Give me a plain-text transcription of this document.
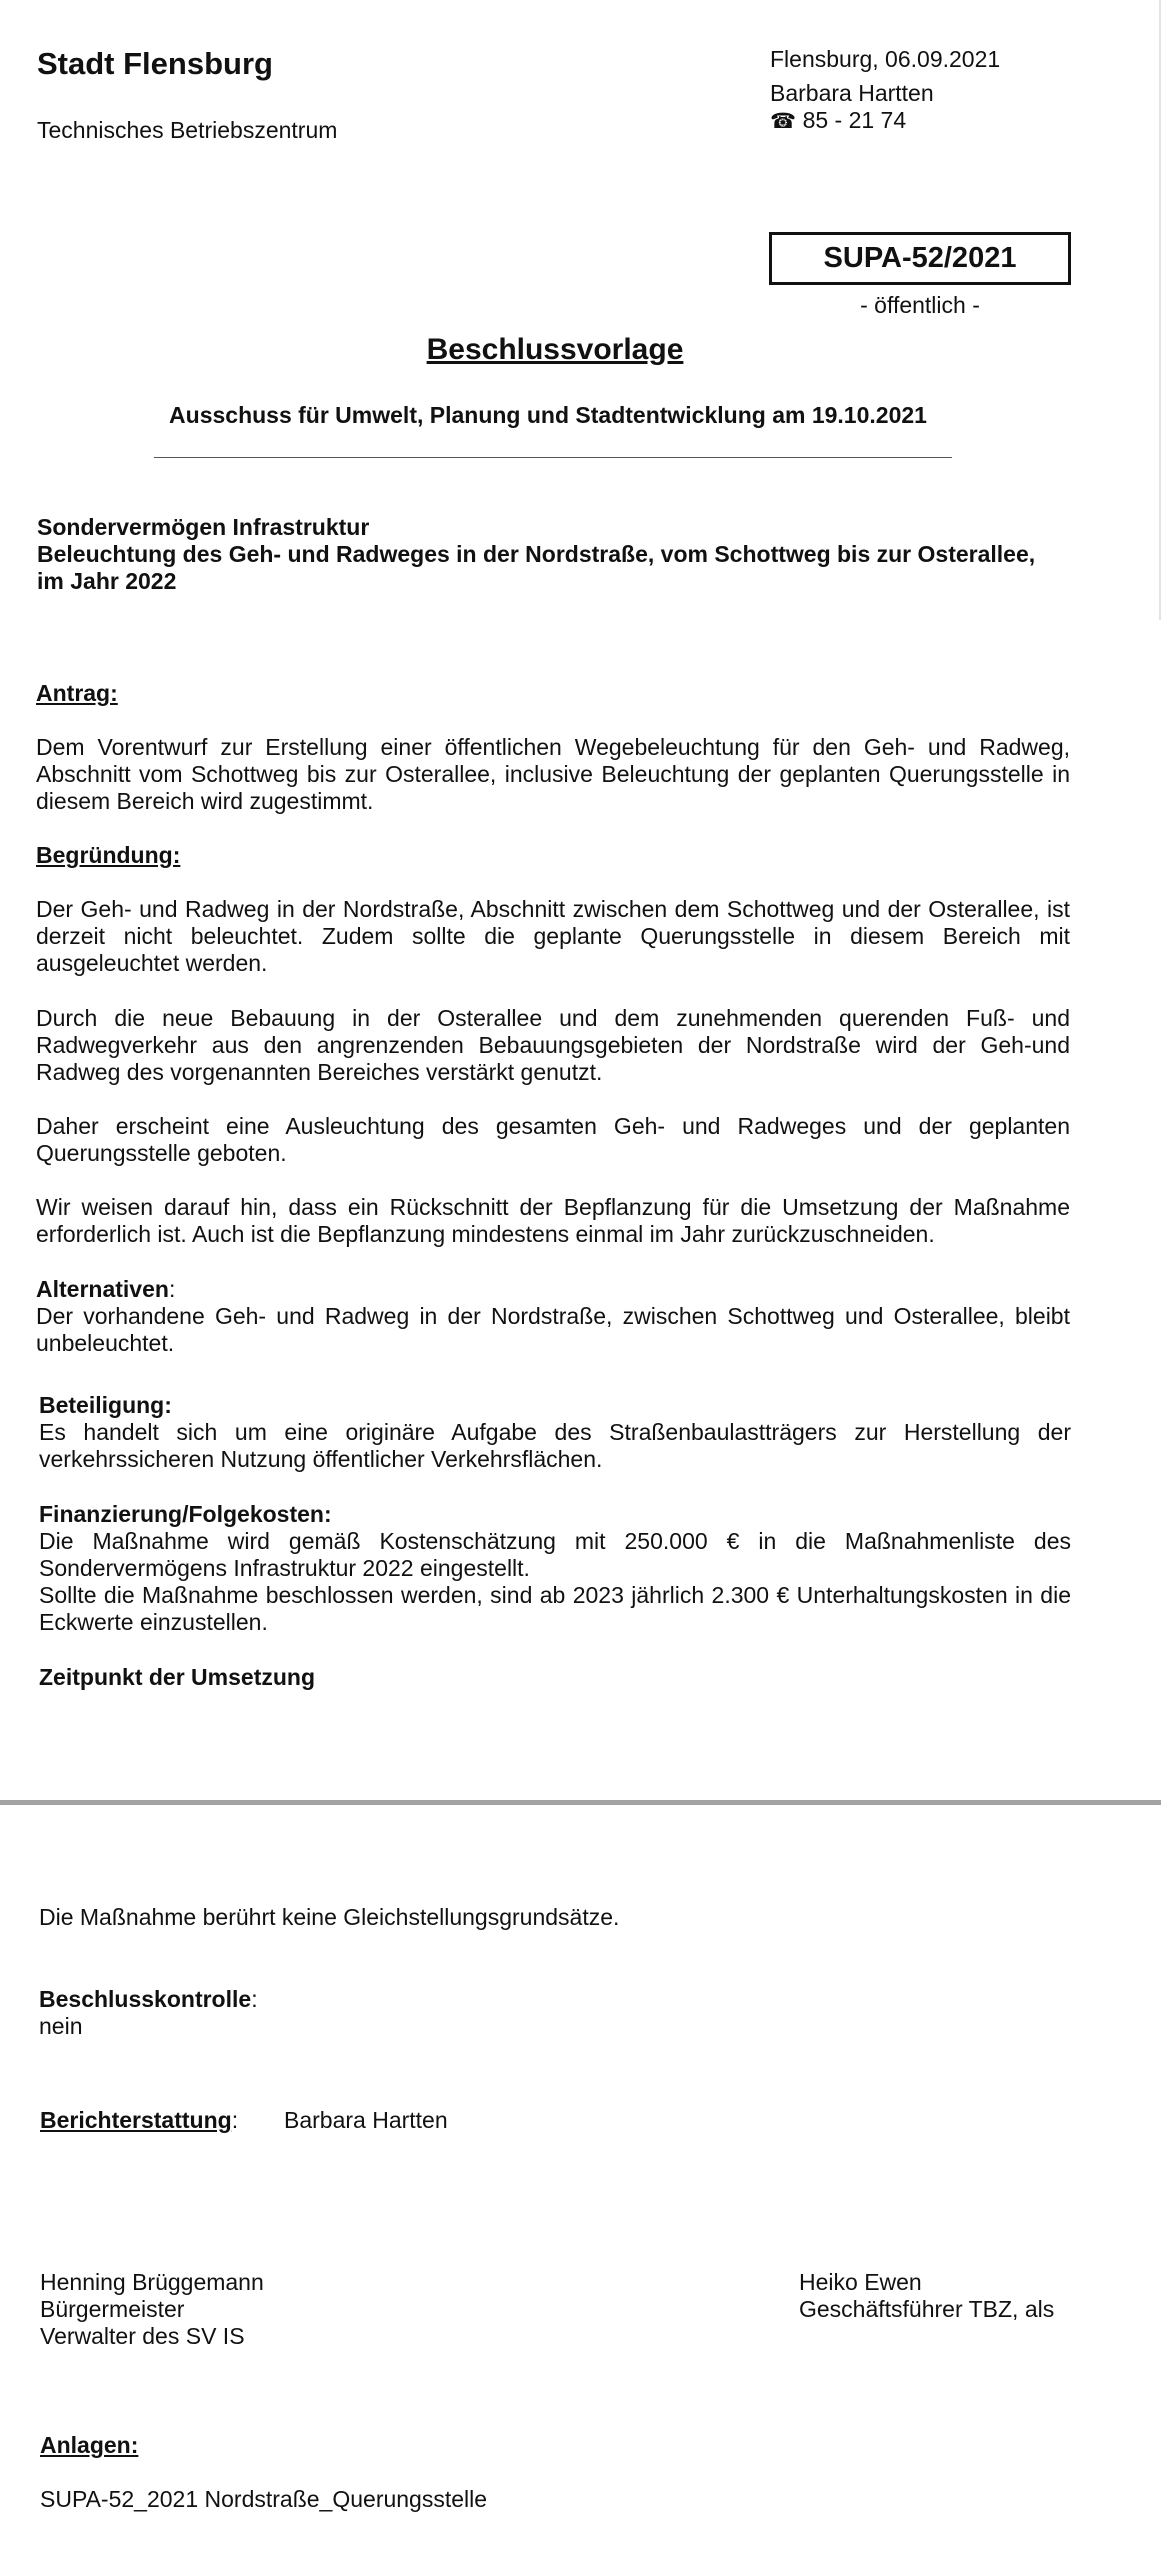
Stadt Flensburg
Technisches Betriebszentrum
Flensburg, 06.09.2021
Barbara Hartten
☎ 85 - 21 74
SUPA-52/2021
- öffentlich -
Beschlussvorlage
Ausschuss für Umwelt, Planung und Stadtentwicklung am 19.10.2021
Sondervermögen Infrastruktur
Beleuchtung des Geh- und Radweges in der Nordstraße, vom Schottweg bis zur Osterallee,
im Jahr 2022
Antrag:
Dem Vorentwurf zur Erstellung einer öffentlichen Wegebeleuchtung für den Geh- und Radweg, Abschnitt vom Schottweg bis zur Osterallee, inclusive Beleuchtung der geplanten Querungsstelle in diesem Bereich wird zugestimmt.
Begründung:
Der Geh- und Radweg in der Nordstraße, Abschnitt zwischen dem Schottweg und der Osterallee, ist derzeit nicht beleuchtet. Zudem sollte die geplante Querungsstelle in diesem Bereich mit ausgeleuchtet werden.
Durch die neue Bebauung in der Osterallee und dem zunehmenden querenden Fuß- und Radwegverkehr aus den angrenzenden Bebauungsgebieten der Nordstraße wird der Geh-und Radweg des vorgenannten Bereiches verstärkt genutzt.
Daher erscheint eine Ausleuchtung des gesamten Geh- und Radweges und der geplanten Querungsstelle geboten.
Wir weisen darauf hin, dass ein Rückschnitt der Bepflanzung für die Umsetzung der Maßnahme erforderlich ist. Auch ist die Bepflanzung mindestens einmal im Jahr zurückzuschneiden.
Alternativen:
Der vorhandene Geh- und Radweg in der Nordstraße, zwischen Schottweg und Osterallee, bleibt unbeleuchtet.
Beteiligung:
Es handelt sich um eine originäre Aufgabe des Straßenbaulastträgers zur Herstellung der verkehrssicheren Nutzung öffentlicher Verkehrsflächen.
Finanzierung/Folgekosten:
Die Maßnahme wird gemäß Kostenschätzung mit 250.000 € in die Maßnahmenliste des Sondervermögens Infrastruktur 2022 eingestellt.
Sollte die Maßnahme beschlossen werden, sind ab 2023 jährlich 2.300 € Unterhaltungskosten in die Eckwerte einzustellen.
Zeitpunkt der Umsetzung
Die Maßnahme berührt keine Gleichstellungsgrundsätze.
Beschlusskontrolle:
nein
Berichterstattung: Barbara Hartten
Henning Brüggemann
Bürgermeister
Verwalter des SV IS
Heiko Ewen
Geschäftsführer TBZ, als
Anlagen:
SUPA-52_2021 Nordstraße_Querungsstelle
